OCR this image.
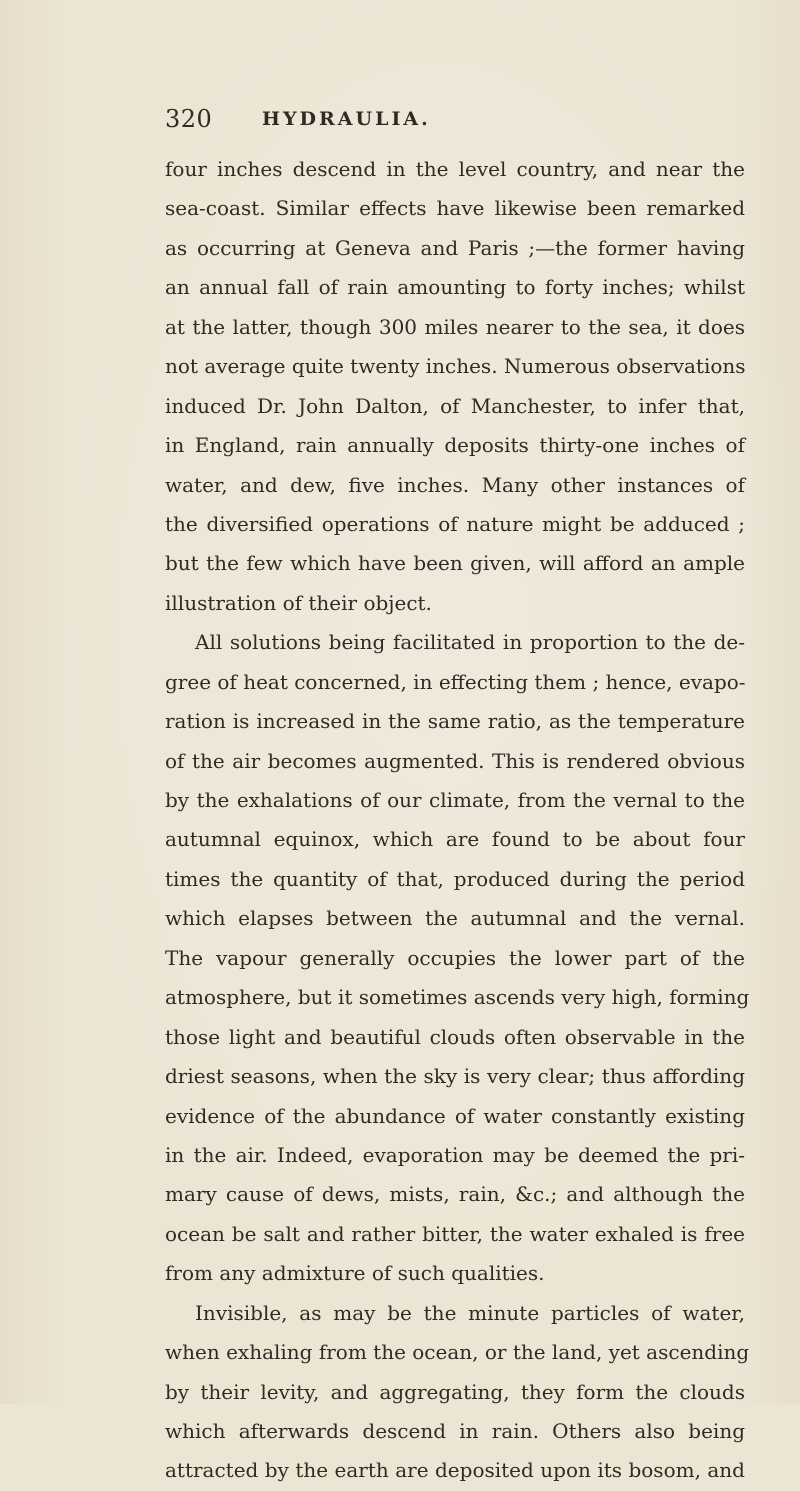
320	HYDRAULIA.
four inches descend in the level country, and near the
sea-coast. Similar effects have likewise been remarked
as occurring at Geneva and Paris ;—the former having
an annual fall of rain amounting to forty inches; whilst
at the latter, though 300 miles nearer to the sea, it does
not average quite twenty inches. Numerous observations
induced Dr. John Dalton, of Manchester, to infer that,
in England, rain annually deposits thirty-one inches of
water, and dew, five inches. Many other instances of
the diversified operations of nature might be adduced ;
but the few which have been given, will afford an ample
illustration of their object.
All solutions being facilitated in proportion to the de-
gree of heat concerned, in effecting them ; hence, evapo-
ration is increased in the same ratio, as the temperature
of the air becomes augmented. This is rendered obvious
by the exhalations of our climate, from the vernal to the
autumnal equinox, which are found to be about four
times the quantity of that, produced during the period
which elapses between the autumnal and the vernal.
The vapour generally occupies the lower part of the
atmosphere, but it sometimes ascends very high, forming
those light and beautiful clouds often observable in the
driest seasons, when the sky is very clear; thus affording
evidence of the abundance of water constantly existing
in the air. Indeed, evaporation may be deemed the pri-
mary cause of dews, mists, rain, &c.; and although the
ocean be salt and rather bitter, the water exhaled is free
from any admixture of such qualities.
Invisible, as may be the minute particles of water,
when exhaling from the ocean, or the land, yet ascending
by their levity, and aggregating, they form the clouds
which afterwards descend in rain. Others also being
attracted by the earth are deposited upon its bosom, and
